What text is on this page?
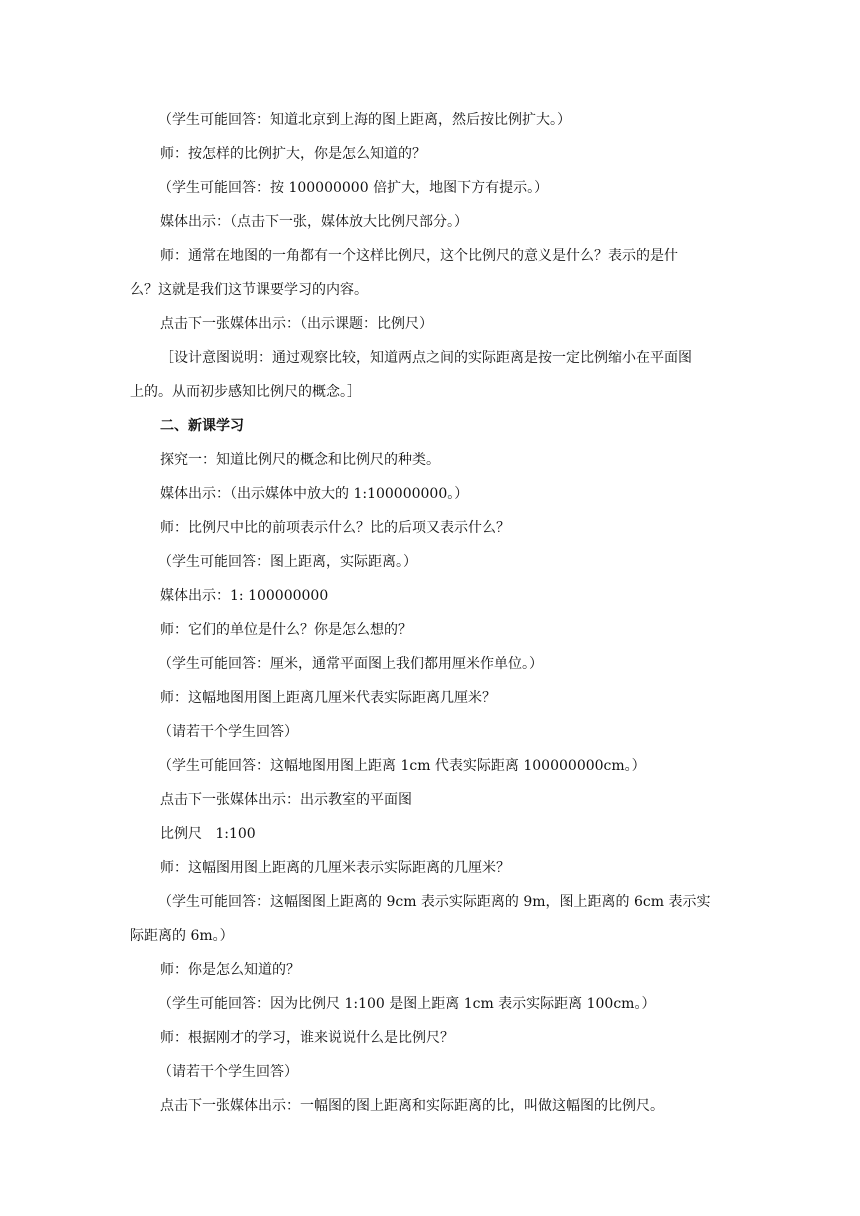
（学生可能回答：知道北京到上海的图上距离，然后按比例扩大。）
师：按怎样的比例扩大，你是怎么知道的？
（学生可能回答：按 100000000 倍扩大，地图下方有提示。）
媒体出示：（点击下一张，媒体放大比例尺部分。）
师：通常在地图的一角都有一个这样比例尺，这个比例尺的意义是什么？表示的是什
么？这就是我们这节课要学习的内容。
点击下一张媒体出示：（出示课题：比例尺）
［设计意图说明：通过观察比较，知道两点之间的实际距离是按一定比例缩小在平面图
上的。从而初步感知比例尺的概念。］
二、新课学习
探究一：知道比例尺的概念和比例尺的种类。
媒体出示：（出示媒体中放大的 1:100000000。）
师：比例尺中比的前项表示什么？比的后项又表示什么？
（学生可能回答：图上距离，实际距离。）
媒体出示：1: 100000000
师：它们的单位是什么？你是怎么想的？
（学生可能回答：厘米，通常平面图上我们都用厘米作单位。）
师：这幅地图用图上距离几厘米代表实际距离几厘米？
（请若干个学生回答）
（学生可能回答：这幅地图用图上距离 1cm 代表实际距离 100000000cm。）
点击下一张媒体出示：出示教室的平面图
比例尺   1:100
师：这幅图用图上距离的几厘米表示实际距离的几厘米？
（学生可能回答：这幅图图上距离的 9cm 表示实际距离的 9m，图上距离的 6cm 表示实
际距离的 6m。）
师：你是怎么知道的？
（学生可能回答：因为比例尺 1:100 是图上距离 1cm 表示实际距离 100cm。）
师：根据刚才的学习，谁来说说什么是比例尺？
（请若干个学生回答）
点击下一张媒体出示：一幅图的图上距离和实际距离的比，叫做这幅图的比例尺。
